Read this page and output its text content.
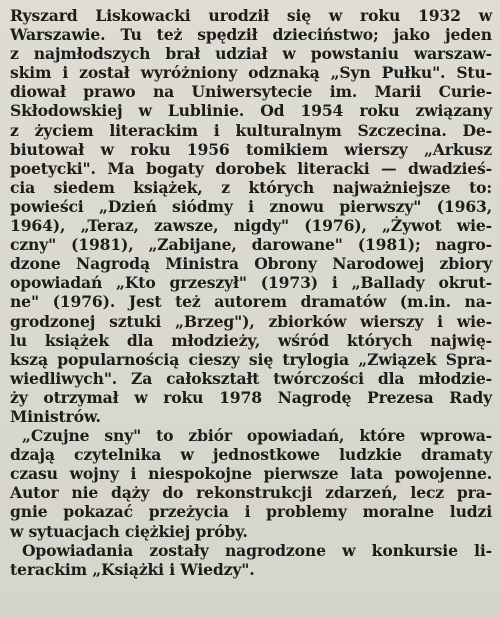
Ryszard Liskowacki urodził się w roku 1932 w
Warszawie. Tu też spędził dzieciństwo; jako jeden
z najmłodszych brał udział w powstaniu warszaw-
skim i został wyróżniony odznaką „Syn Pułku". Stu-
diował prawo na Uniwersytecie im. Marii Curie-
Skłodowskiej w Lublinie. Od 1954 roku związany
z życiem literackim i kulturalnym Szczecina. De-
biutował w roku 1956 tomikiem wierszy „Arkusz
poetycki". Ma bogaty dorobek literacki — dwadzieś-
cia siedem książek, z których najważniejsze to:
powieści „Dzień siódmy i znowu pierwszy" (1963,
1964), „Teraz, zawsze, nigdy" (1976), „Żywot wie-
czny" (1981), „Zabijane, darowane" (1981); nagro-
dzone Nagrodą Ministra Obrony Narodowej zbiory
opowiadań „Kto grzeszył" (1973) i „Ballady okrut-
ne" (1976). Jest też autorem dramatów (m.in. na-
grodzonej sztuki „Brzeg"), zbiorków wierszy i wie-
lu książek dla młodzieży, wśród których najwię-
kszą popularnością cieszy się trylogia „Związek Spra-
wiedliwych". Za całokształt twórczości dla młodzie-
ży otrzymał w roku 1978 Nagrodę Prezesa Rady
Ministrów.
„Czujne sny" to zbiór opowiadań, które wprowa-
dzają czytelnika w jednostkowe ludzkie dramaty
czasu wojny i niespokojne pierwsze lata powojenne.
Autor nie dąży do rekonstrukcji zdarzeń, lecz pra-
gnie pokazać przeżycia i problemy moralne ludzi
w sytuacjach ciężkiej próby.
Opowiadania zostały nagrodzone w konkursie li-
terackim „Książki i Wiedzy".
